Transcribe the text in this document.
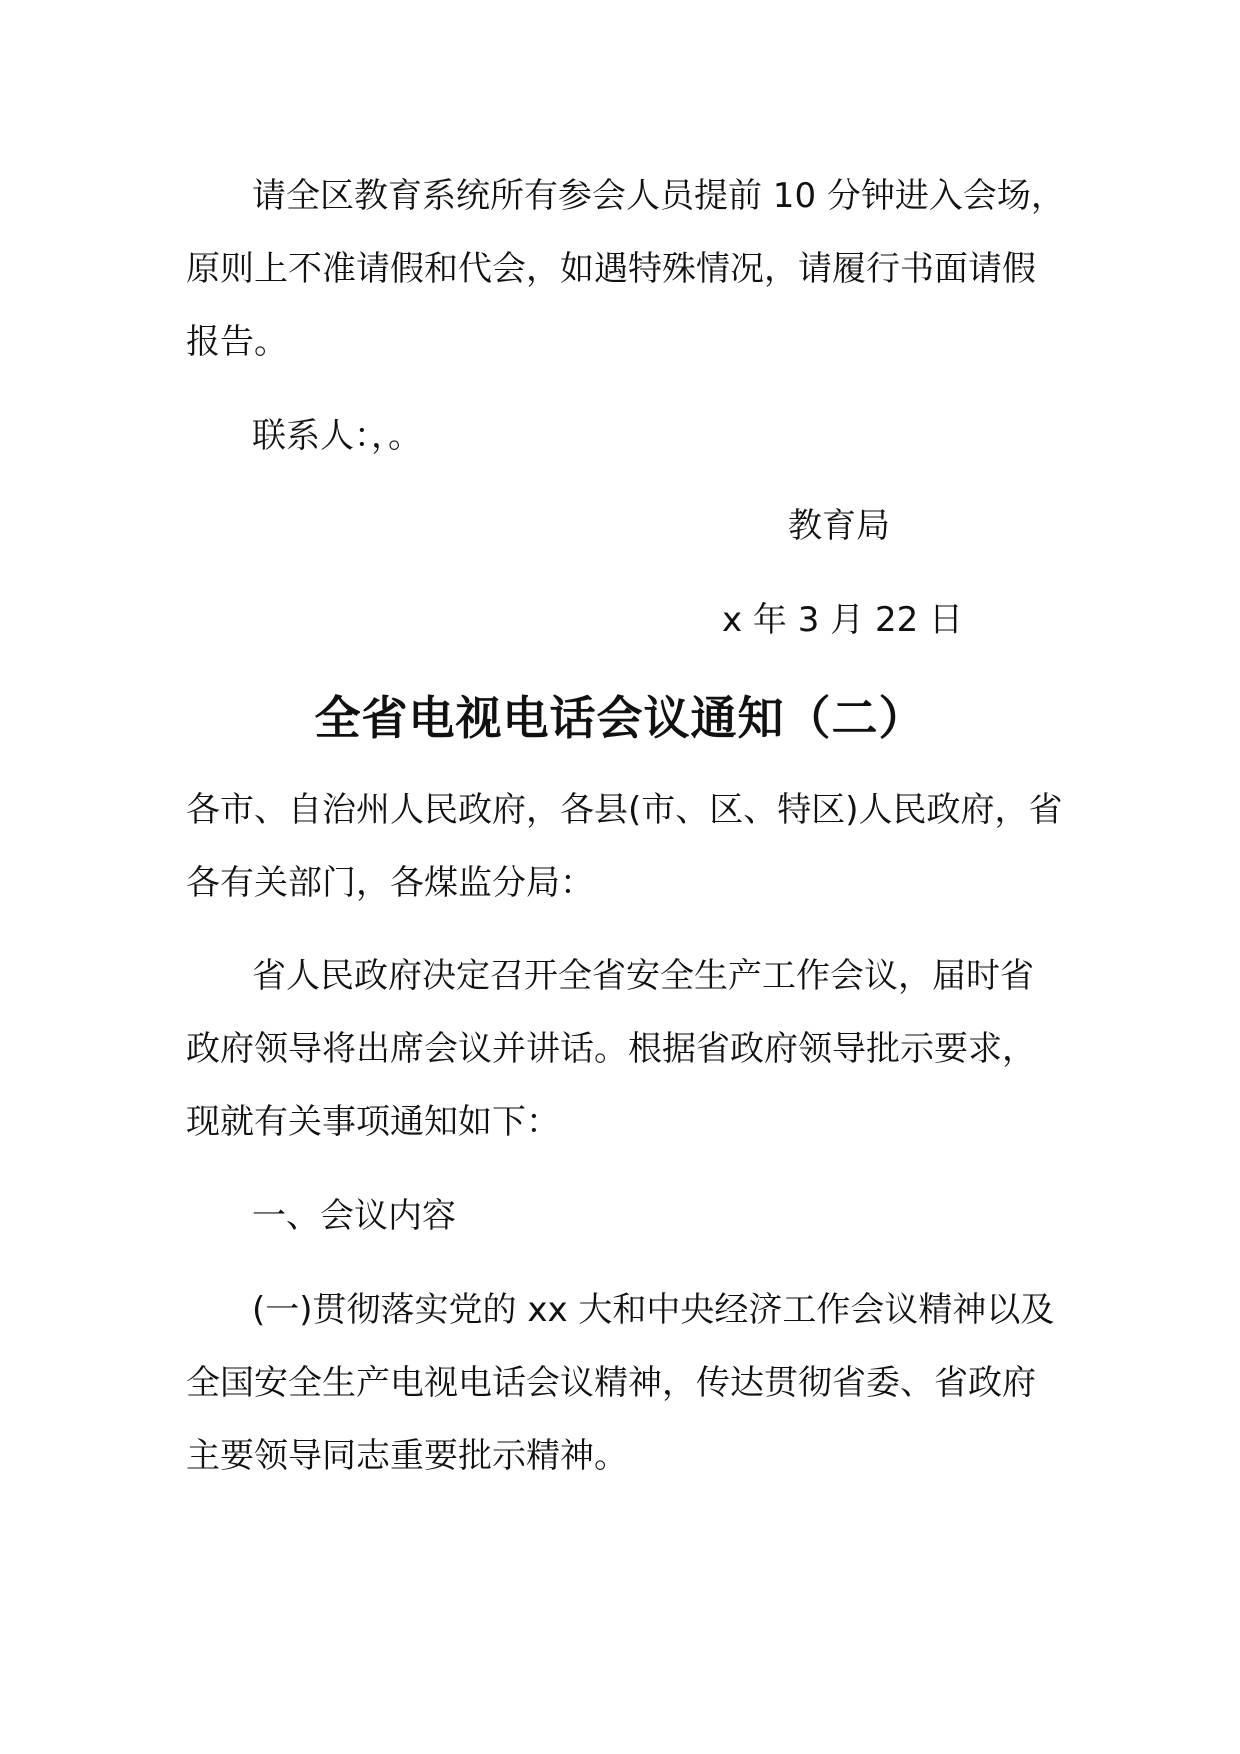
请全区教育系统所有参会人员提前 10 分钟进入会场，
原则上不准请假和代会，如遇特殊情况，请履行书面请假
报告。
联系人：，。
教育局
x 年 3 月 22 日
全省电视电话会议通知（二）
各市、自治州人民政府，各县(市、区、特区)人民政府，省
各有关部门，各煤监分局：
省人民政府决定召开全省安全生产工作会议，届时省
政府领导将出席会议并讲话。根据省政府领导批示要求，
现就有关事项通知如下：
一、会议内容
(一)贯彻落实党的 xx 大和中央经济工作会议精神以及
全国安全生产电视电话会议精神，传达贯彻省委、省政府
主要领导同志重要批示精神。
